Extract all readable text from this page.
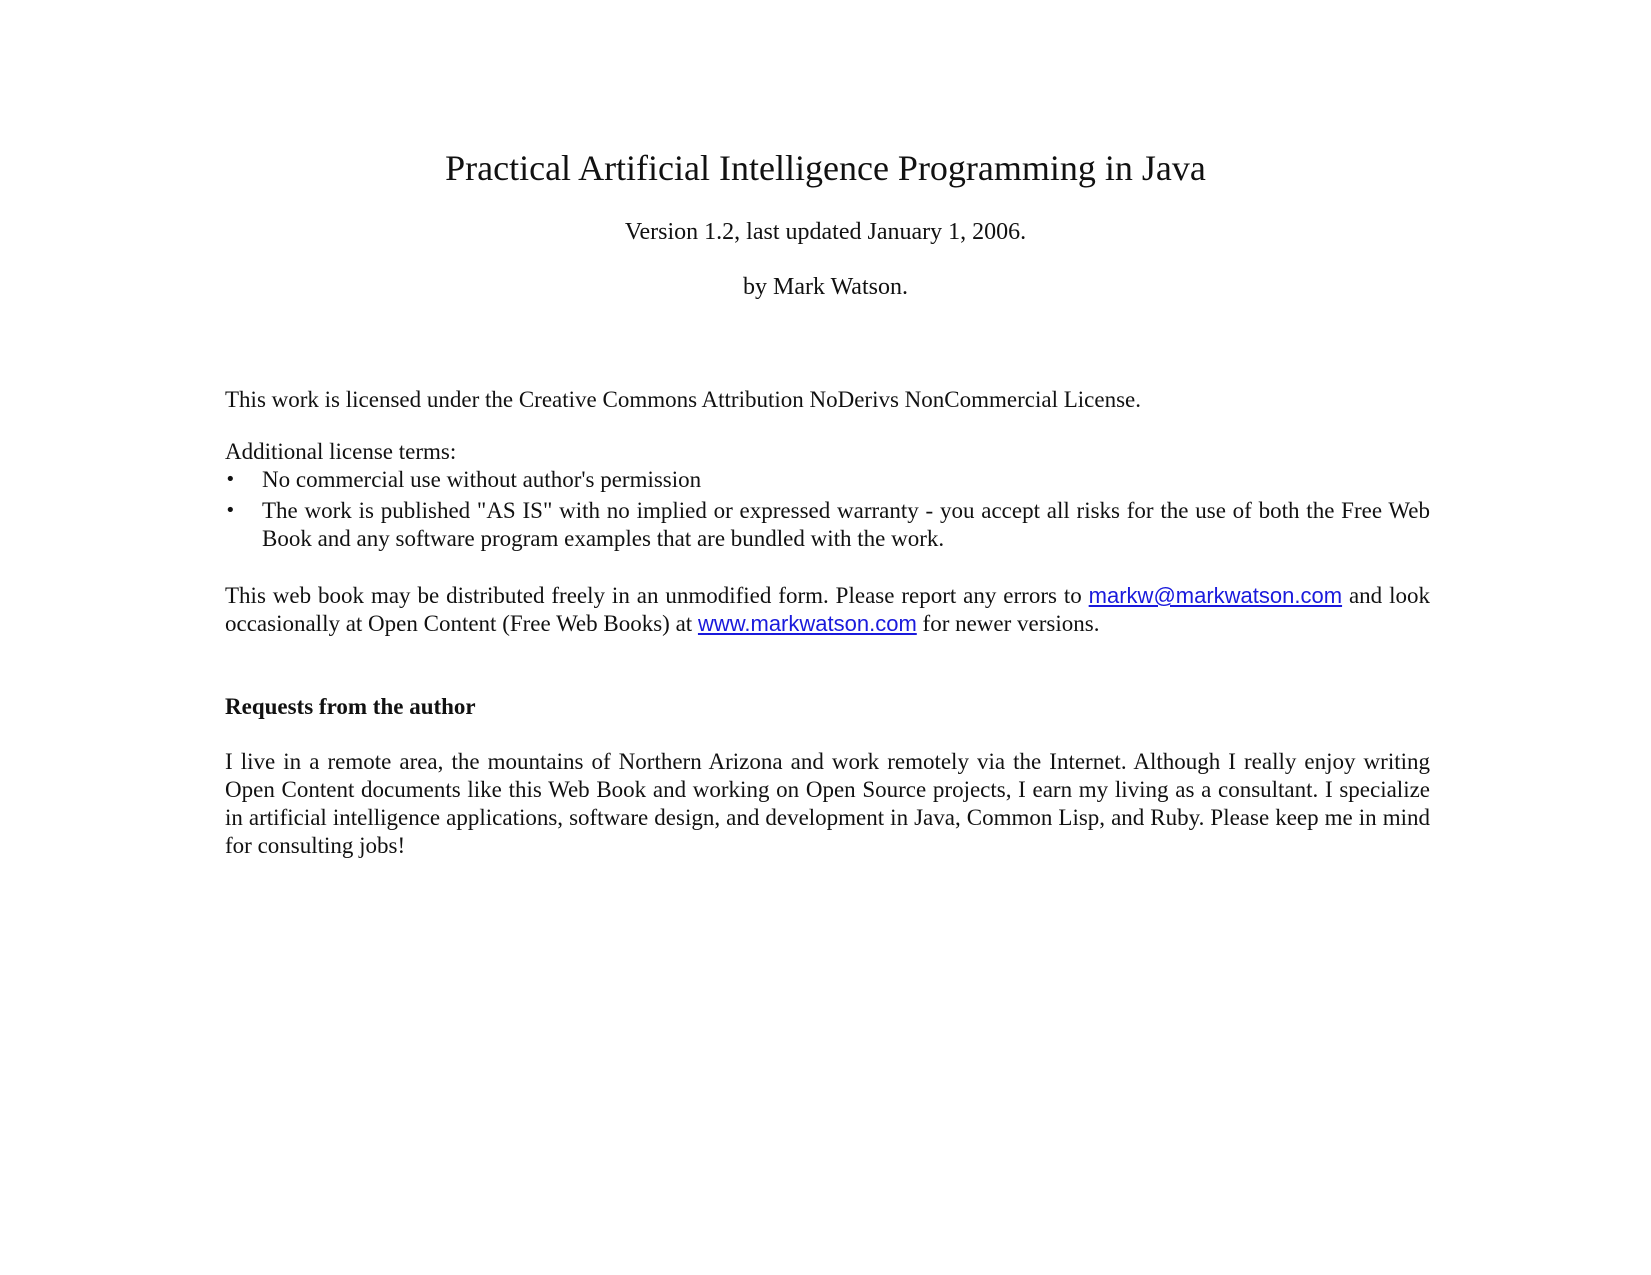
Practical Artificial Intelligence Programming in Java

Version 1.2, last updated January 1, 2006.

by Mark Watson.

This work is licensed under the Creative Commons Attribution NoDerivs NonCommercial License.
Additional license terms:
•	No commercial use without author's permission
•	The work is published "AS IS" with no implied or expressed warranty - you accept all risks for the use of both the Free Web Book and any software program examples that are bundled with the work.
This web book may be distributed freely in an unmodified form. Please report any errors to markw@markwatson.com and look occasionally at Open Content (Free Web Books) at www.markwatson.com for newer versions.
Requests from the author
I live in a remote area, the mountains of Northern Arizona and work remotely via the Internet. Although I really enjoy writing Open Content documents like this Web Book and working on Open Source projects, I earn my living as a consultant. I specialize in artificial intelligence applications, software design, and development in Java, Common Lisp, and Ruby. Please keep me in mind for consulting jobs!
